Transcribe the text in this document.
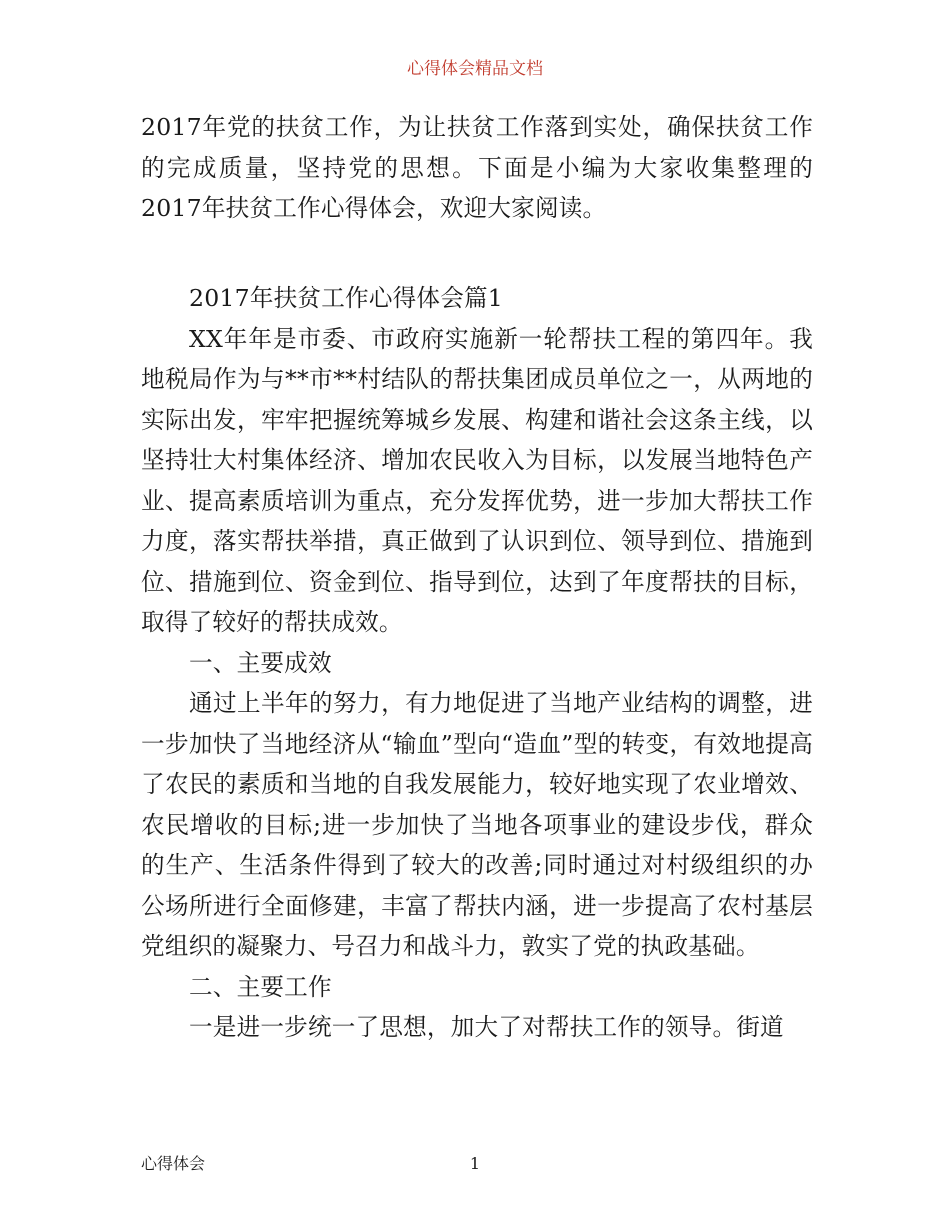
心得体会精品文档

2017年党的扶贫工作，为让扶贫工作落到实处，确保扶贫工作的完成质量，坚持党的思想。下面是小编为大家收集整理的2017年扶贫工作心得体会，欢迎大家阅读。

2017年扶贫工作心得体会篇1

XX年年是市委、市政府实施新一轮帮扶工程的第四年。我地税局作为与**市**村结队的帮扶集团成员单位之一，从两地的实际出发，牢牢把握统筹城乡发展、构建和谐社会这条主线，以坚持壮大村集体经济、增加农民收入为目标，以发展当地特色产业、提高素质培训为重点，充分发挥优势，进一步加大帮扶工作力度，落实帮扶举措，真正做到了认识到位、领导到位、措施到位、措施到位、资金到位、指导到位，达到了年度帮扶的目标，取得了较好的帮扶成效。

一、主要成效

通过上半年的努力，有力地促进了当地产业结构的调整，进一步加快了当地经济从“输血”型向“造血”型的转变，有效地提高了农民的素质和当地的自我发展能力，较好地实现了农业增效、农民增收的目标;进一步加快了当地各项事业的建设步伐，群众的生产、生活条件得到了较大的改善;同时通过对村级组织的办公场所进行全面修建，丰富了帮扶内涵，进一步提高了农村基层党组织的凝聚力、号召力和战斗力，敦实了党的执政基础。

二、主要工作

一是进一步统一了思想，加大了对帮扶工作的领导。街道

心得体会	1
